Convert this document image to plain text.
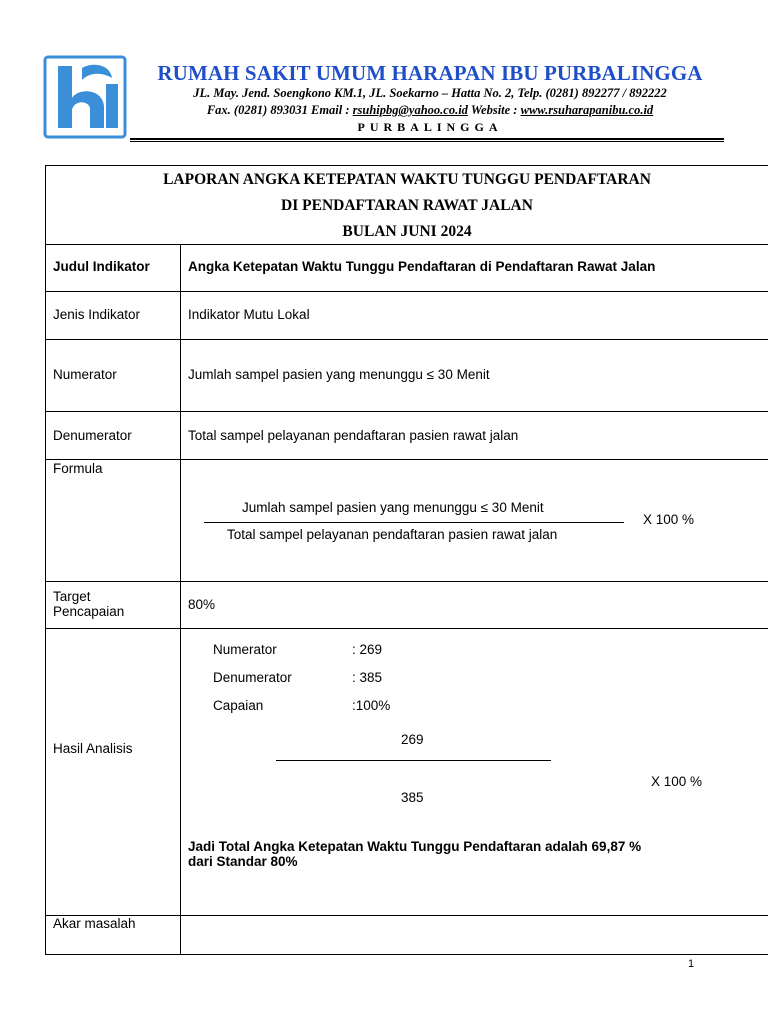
RUMAH SAKIT UMUM HARAPAN IBU PURBALINGGA
JL. May. Jend. Soengkono KM.1, JL. Soekarno – Hatta No. 2, Telp. (0281) 892277 / 892222
Fax. (0281) 893031 Email : rsuhipbg@yahoo.co.id Website : www.rsuharapanibu.co.id
PURBALINGGA
LAPORAN ANGKA KETEPATAN WAKTU TUNGGU PENDAFTARAN
DI PENDAFTARAN RAWAT JALAN
BULAN JUNI 2024
Judul Indikator	Angka Ketepatan Waktu Tunggu Pendaftaran di Pendaftaran Rawat Jalan
Jenis Indikator	Indikator Mutu Lokal
Numerator	Jumlah sampel pasien yang menunggu ≤ 30 Menit
Denumerator	Total sampel pelayanan pendaftaran pasien rawat jalan
Formula
Jumlah sampel pasien yang menunggu ≤ 30 Menit
Total sampel pelayanan pendaftaran pasien rawat jalan
X 100 %
Target
Pencapaian	80%
Hasil Analisis
Numerator	: 269
Denumerator	: 385
Capaian	:100%
269
385
X 100 %
Jadi Total Angka Ketepatan Waktu Tunggu Pendaftaran adalah 69,87 %
dari Standar 80%
Akar masalah
1
